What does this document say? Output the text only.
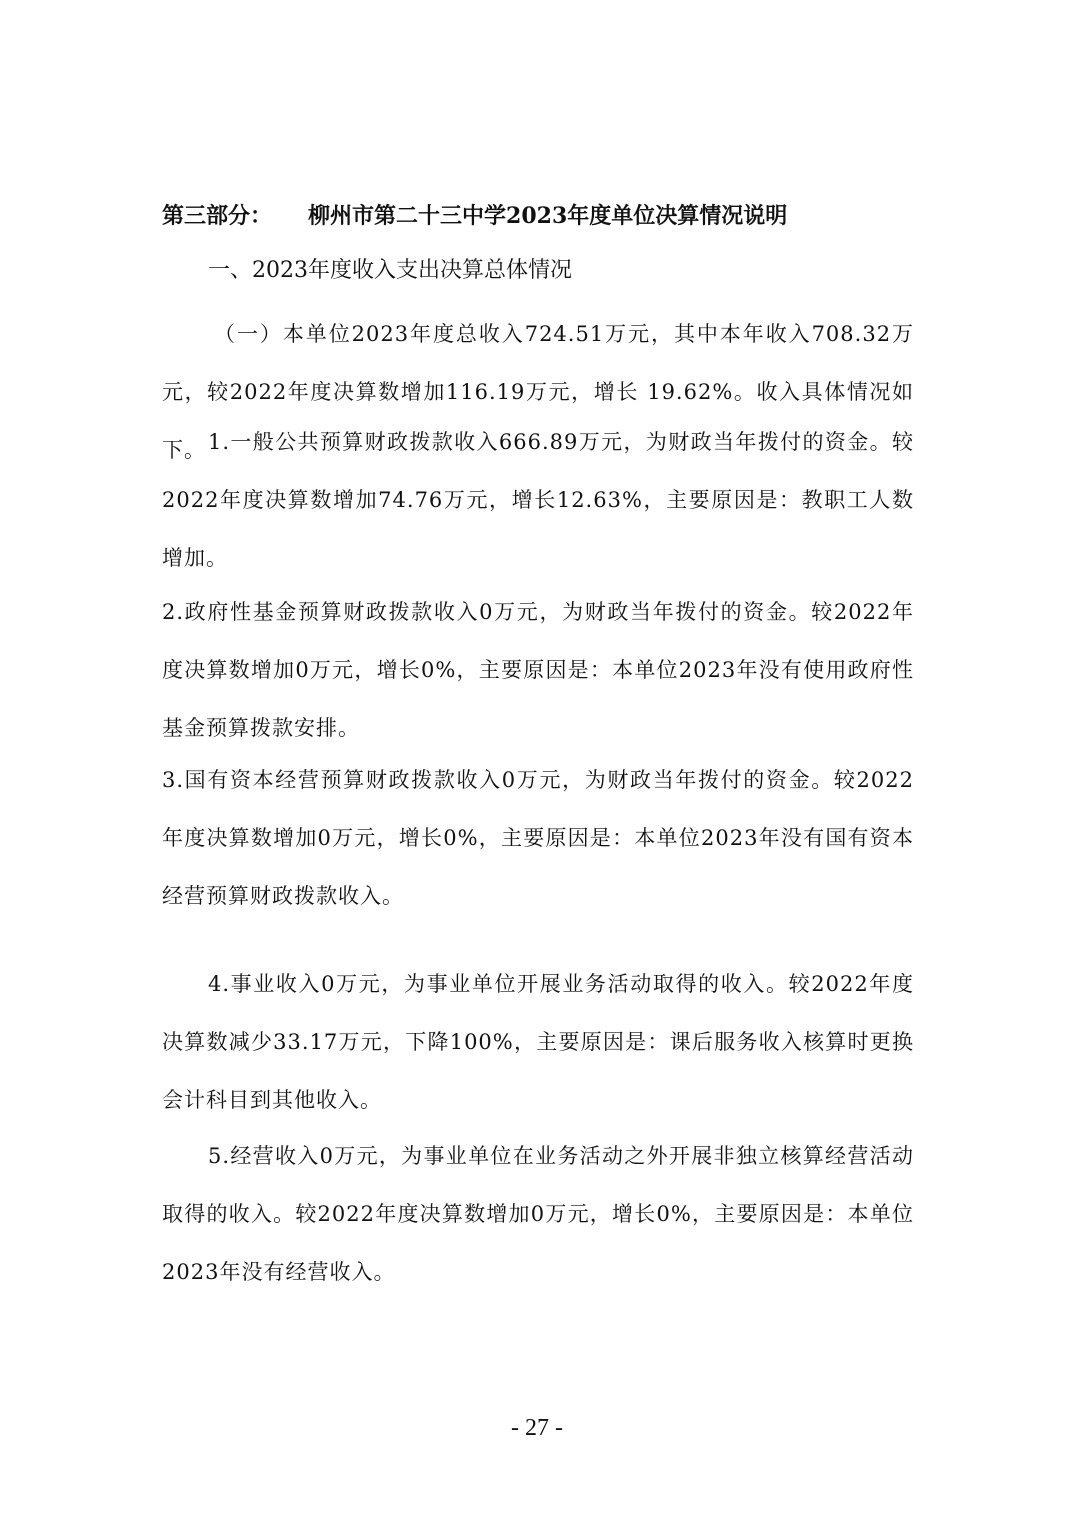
第三部分： 柳州市第二十三中学2023年度单位决算情况说明
一、2023年度收入支出决算总体情况

（一）本单位2023年度总收入724.51万元，其中本年收入708.32万元，较2022年度决算数增加116.19万元，增长 19.62%。收入具体情况如下。 1.一般公共预算财政拨款收入666.89万元，为财政当年拨付的资金。较2022年度决算数增加74.76万元，增长12.63%，主要原因是：教职工人数增加。

2.政府性基金预算财政拨款收入0万元，为财政当年拨付的资金。较2022年度决算数增加0万元，增长0%，主要原因是：本单位2023年没有使用政府性基金预算拨款安排。

3.国有资本经营预算财政拨款收入0万元，为财政当年拨付的资金。较2022年度决算数增加0万元，增长0%，主要原因是：本单位2023年没有国有资本经营预算财政拨款收入。

4.事业收入0万元，为事业单位开展业务活动取得的收入。较2022年度决算数减少33.17万元，下降100%，主要原因是：课后服务收入核算时更换会计科目到其他收入。

5.经营收入0万元，为事业单位在业务活动之外开展非独立核算经营活动取得的收入。较2022年度决算数增加0万元，增长0%，主要原因是：本单位2023年没有经营收入。

- 27 -
